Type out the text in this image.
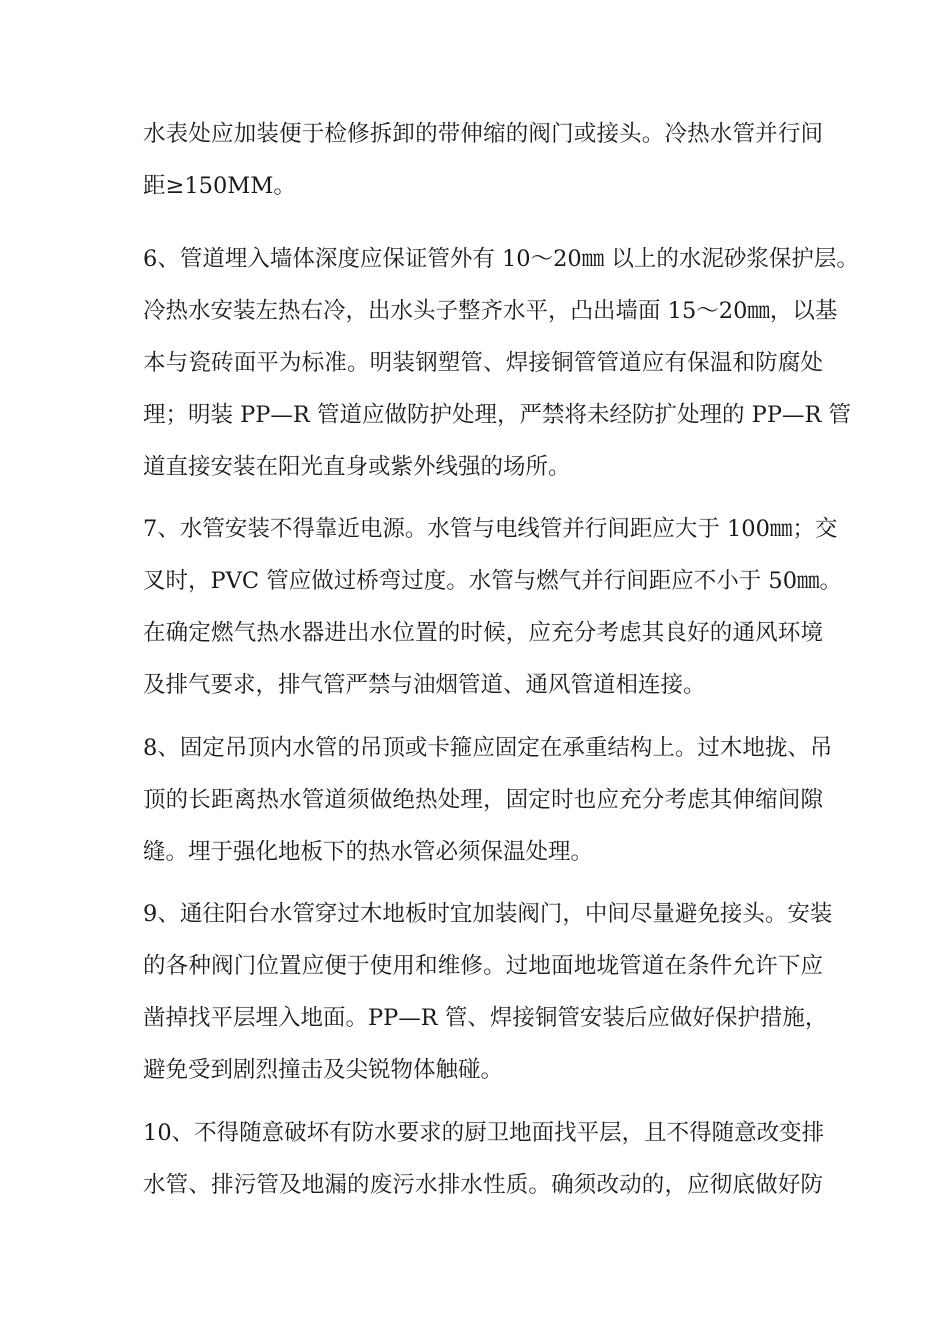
水表处应加装便于检修拆卸的带伸缩的阀门或接头。冷热水管并行间
距≥150MM。
6、管道埋入墙体深度应保证管外有 10～20㎜ 以上的水泥砂浆保护层。
冷热水安装左热右冷，出水头子整齐水平，凸出墙面 15～20㎜，以基
本与瓷砖面平为标准。明装钢塑管、焊接铜管管道应有保温和防腐处
理；明装 PP—R 管道应做防护处理，严禁将未经防扩处理的 PP—R 管
道直接安装在阳光直身或紫外线强的场所。
7、水管安装不得靠近电源。水管与电线管并行间距应大于 100㎜；交
叉时，PVC 管应做过桥弯过度。水管与燃气并行间距应不小于 50㎜。
在确定燃气热水器进出水位置的时候，应充分考虑其良好的通风环境
及排气要求，排气管严禁与油烟管道、通风管道相连接。
8、固定吊顶内水管的吊顶或卡箍应固定在承重结构上。过木地拢、吊
顶的长距离热水管道须做绝热处理，固定时也应充分考虑其伸缩间隙
缝。埋于强化地板下的热水管必须保温处理。
9、通往阳台水管穿过木地板时宜加装阀门，中间尽量避免接头。安装
的各种阀门位置应便于使用和维修。过地面地垅管道在条件允许下应
凿掉找平层埋入地面。PP—R 管、焊接铜管安装后应做好保护措施，
避免受到剧烈撞击及尖锐物体触碰。
10、不得随意破坏有防水要求的厨卫地面找平层，且不得随意改变排
水管、排污管及地漏的废污水排水性质。确须改动的，应彻底做好防
